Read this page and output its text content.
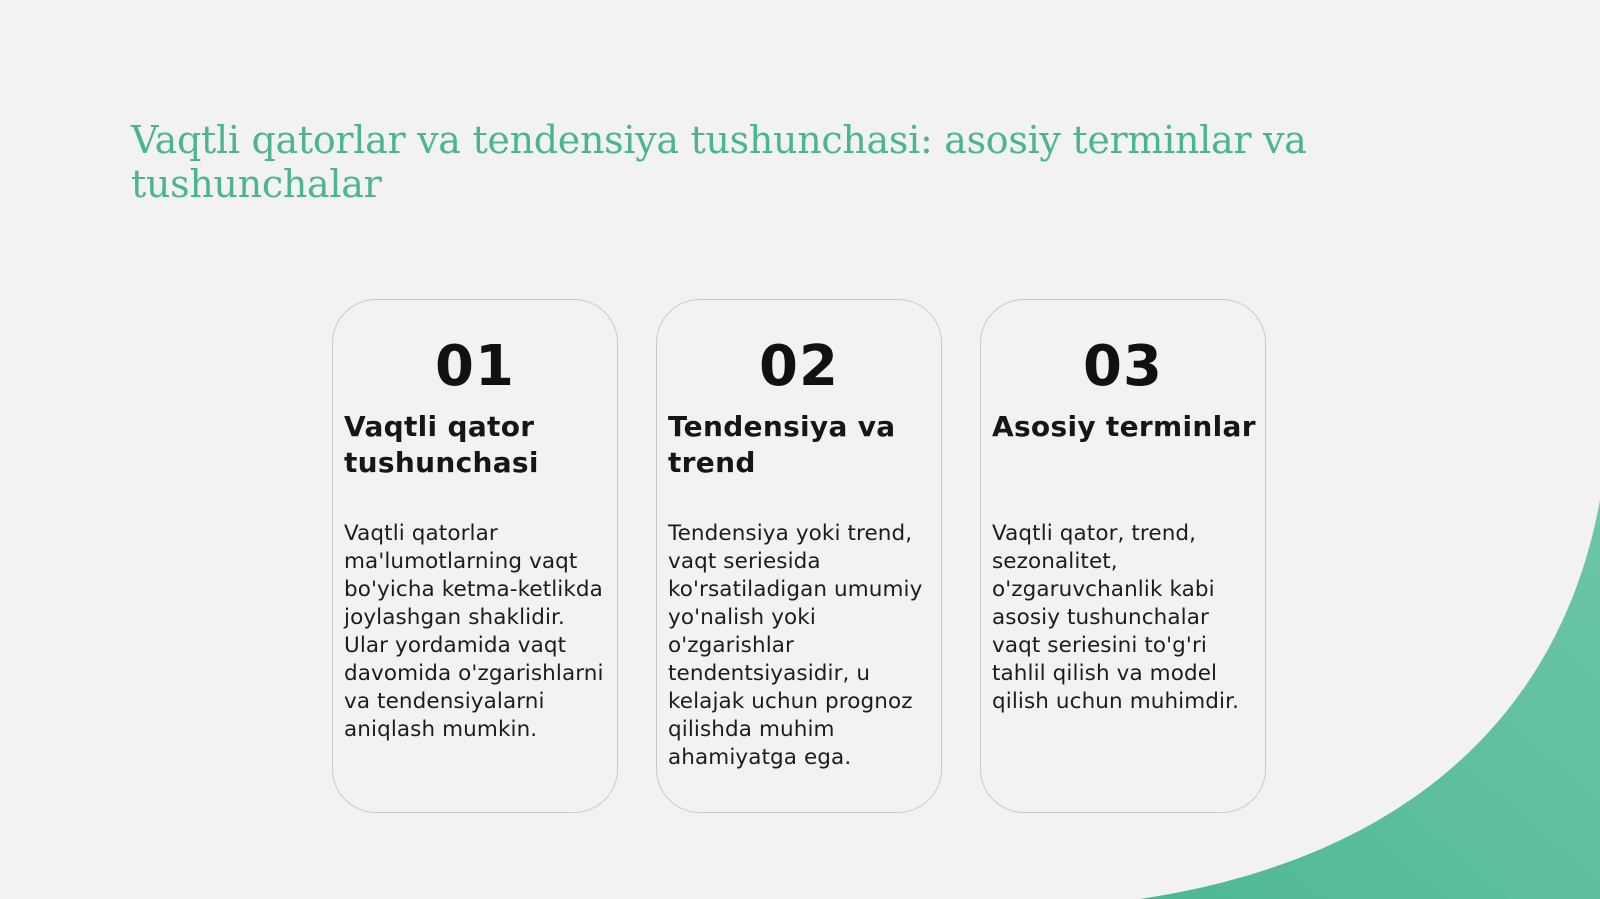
Vaqtli qatorlar va tendensiya tushunchasi: asosiy terminlar va tushunchalar
01
Vaqtli qator tushunchasi
Vaqtli qatorlar
ma'lumotlarning vaqt
bo'yicha ketma-ketlikda
joylashgan shaklidir.
Ular yordamida vaqt
davomida o'zgarishlarni
va tendensiyalarni
aniqlash mumkin.
02
Tendensiya va trend
Tendensiya yoki trend,
vaqt seriesida
ko'rsatiladigan umumiy
yo'nalish yoki
o'zgarishlar
tendentsiyasidir, u
kelajak uchun prognoz
qilishda muhim
ahamiyatga ega.
03
Asosiy terminlar
Vaqtli qator, trend,
sezonalitet,
o'zgaruvchanlik kabi
asosiy tushunchalar
vaqt seriesini to'g'ri
tahlil qilish va model
qilish uchun muhimdir.
